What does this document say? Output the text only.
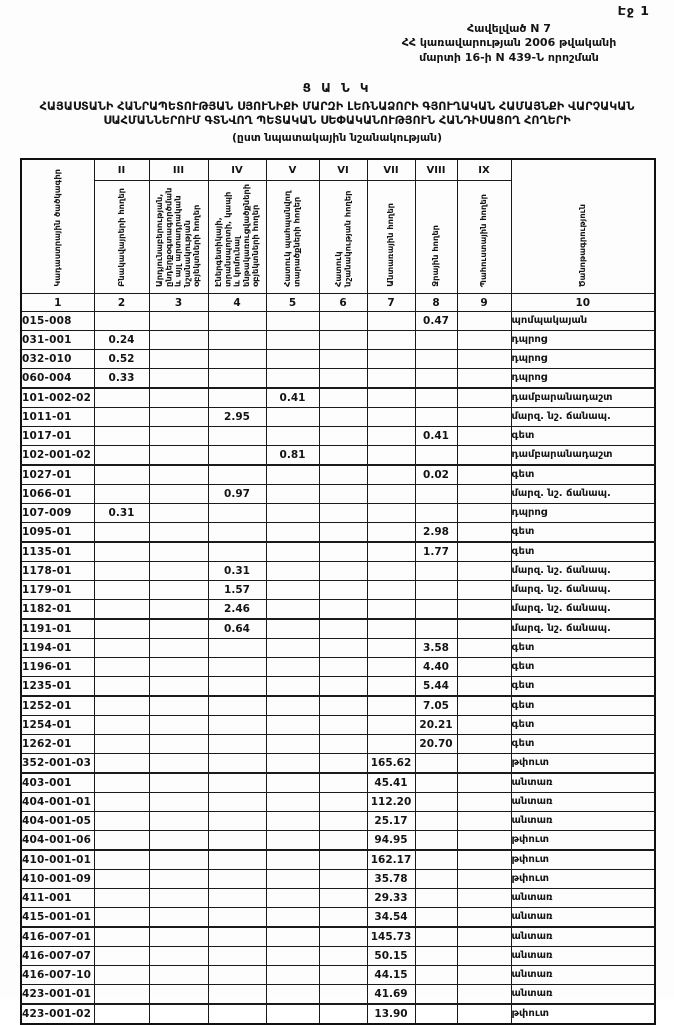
Էջ 1
Հավելված N 7
ՀՀ կառավարության 2006 թվականի
մարտի 16-ի N 439-Ն որոշման
Ց Ա Ն Կ
ՀԱՅԱՍՏԱՆԻ ՀԱՆՐԱՊԵՏՈՒԹՅԱՆ ՍՅՈՒՆԻՔԻ ՄԱՐԶԻ ԼԵՌՆԱՁՈՐԻ ԳՅՈՒՂԱԿԱՆ ՀԱՄԱՅՆՔԻ ՎԱՐՉԱԿԱՆ ՍԱՀՄԱՆՆԵՐՈՒՄ ԳՏՆՎՈՂ ՊԵՏԱԿԱՆ ՍԵՓԱԿԱՆՈՒԹՅՈՒՆ ՀԱՆԴԻՍԱՑՈՂ ՀՈՂԵՐԻ
(ըստ նպատակային նշանակության)
Կադաստրային ծածկագիր	II	III	IV	V	VI	VII	VIII	IX	Ծանոթագրություն
	Բնակավայրերի հողեր	Արդյունաբերության, ընդերքօգտագործման և այլ արտադրական նշանակության օբյեկտների հողեր	Էներգետիկայի, տրանսպորտի, կապի և կոմունալ ենթակառուցվածքների օբյեկտների հողեր	Հատուկ պահպանվող տարածքների հողեր	Հատուկ նշանակության հողեր	Անտառային հողեր	Ջրային հողեր	Պահուստային հողեր	
1	2	3	4	5	6	7	8	9	10
015-008							0.47		պոմպակայան
031-001	0.24								դպրոց
032-010	0.52								դպրոց
060-004	0.33								դպրոց
101-002-02				0.41					դամբարանադաշտ
1011-01			2.95						մարզ. նշ. ճանապ.
1017-01							0.41		գետ
102-001-02				0.81					դամբարանադաշտ
1027-01							0.02		գետ
1066-01			0.97						մարզ. նշ. ճանապ.
107-009	0.31								դպրոց
1095-01							2.98		գետ
1135-01							1.77		գետ
1178-01			0.31						մարզ. նշ. ճանապ.
1179-01			1.57						մարզ. նշ. ճանապ.
1182-01			2.46						մարզ. նշ. ճանապ.
1191-01			0.64						մարզ. նշ. ճանապ.
1194-01							3.58		գետ
1196-01							4.40		գետ
1235-01							5.44		գետ
1252-01							7.05		գետ
1254-01							20.21		գետ
1262-01							20.70		գետ
352-001-03						165.62			թփուտ
403-001						45.41			անտառ
404-001-01						112.20			անտառ
404-001-05						25.17			անտառ
404-001-06						94.95			թփուտ
410-001-01						162.17			թփուտ
410-001-09						35.78			թփուտ
411-001						29.33			անտառ
415-001-01						34.54			անտառ
416-007-01						145.73			անտառ
416-007-07						50.15			անտառ
416-007-10						44.15			անտառ
423-001-01						41.69			անտառ
423-001-02						13.90			թփուտ
